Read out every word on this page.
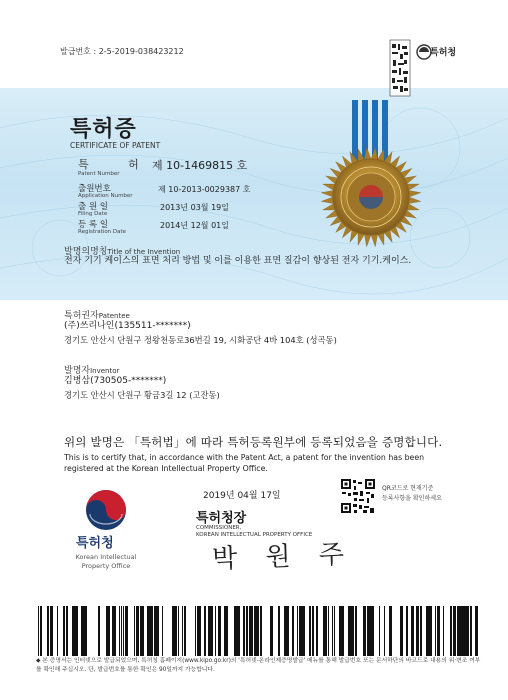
발급번호 : 2-5-2019-038423212	특허청
특허증
CERTIFICATE OF PATENT
특 허
Patent Number
제 10-1469815 호
출원번호
Application Number
제 10-2013-0029387 호
출 원 일
Filing Date
2013년 03월 19일
등 록 일
Registration Date
2014년 12월 01일
발명의명칭Title of the Invention
전자 기기 케이스의 표면 처리 방법 및 이를 이용한 표면 질감이 향상된 전자 기기.케이스.
특허권자Patentee
(주)쓰리나인(135511-*******)
경기도 안산시 단원구 정왕천동로36번길 19, 시화공단 4바 104호 (성곡동)
발명자Inventor
김병삼(730505-*******)
경기도 안산시 단원구 황금3길 12 (고잔동)
위의 발명은 「특허법」에 따라 특허등록원부에 등록되었음을 증명합니다.
This is to certify that, in accordance with the Patent Act, a patent for the invention has been registered at the Korean Intellectual Property Office.
특허청
Korean Intellectual
Property Office
2019년 04월 17일
특허청장
COMMISSIONER,
KOREAN INTELLECTUAL PROPERTY OFFICE
박 원 주
QR코드로 현재기준
등록사항을 확인하세요
◆ 본 증명서는 인터넷으로 발급되었으며, 특허청 홈페이지(www.kipo.go.kr)의 '특허넷-온라인제증명발급' 메뉴를 통해 발급번호 또는 문서하단의 바코드로 내용의 위·변조 여부를 확인해 주십시오. 단, 발급번호를 통한 확인은 90일까지 가능합니다.
